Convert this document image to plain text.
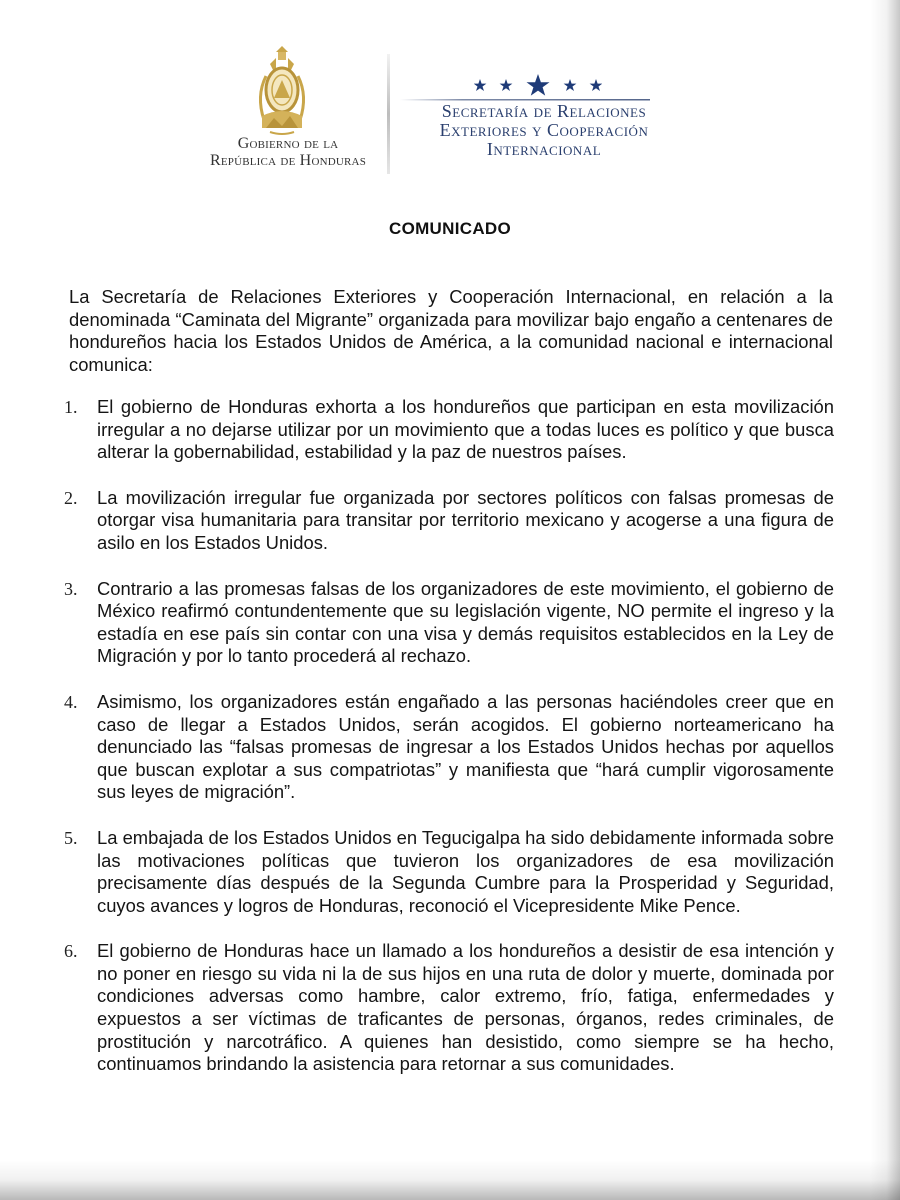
Gobierno de la
República de Honduras
Secretaría de Relaciones
Exteriores y Cooperación
Internacional
COMUNICADO
La Secretaría de Relaciones Exteriores y Cooperación Internacional, en relación a la denominada “Caminata del Migrante” organizada para movilizar bajo engaño a centenares de hondureños hacia los Estados Unidos de América, a la comunidad nacional e internacional comunica:
1. El gobierno de Honduras exhorta a los hondureños que participan en esta movilización irregular a no dejarse utilizar por un movimiento que a todas luces es político y que busca alterar la gobernabilidad, estabilidad y la paz de nuestros países.
2. La movilización irregular fue organizada por sectores políticos con falsas promesas de otorgar visa humanitaria para transitar por territorio mexicano y acogerse a una figura de asilo en los Estados Unidos.
3. Contrario a las promesas falsas de los organizadores de este movimiento, el gobierno de México reafirmó contundentemente que su legislación vigente, NO permite el ingreso y la estadía en ese país sin contar con una visa y demás requisitos establecidos en la Ley de Migración y por lo tanto procederá al rechazo.
4. Asimismo, los organizadores están engañado a las personas haciéndoles creer que en caso de llegar a Estados Unidos, serán acogidos. El gobierno norteamericano ha denunciado las “falsas promesas de ingresar a los Estados Unidos hechas por aquellos que buscan explotar a sus compatriotas” y manifiesta que “hará cumplir vigorosamente sus leyes de migración”.
5. La embajada de los Estados Unidos en Tegucigalpa ha sido debidamente informada sobre las motivaciones políticas que tuvieron los organizadores de esa movilización precisamente días después de la Segunda Cumbre para la Prosperidad y Seguridad, cuyos avances y logros de Honduras, reconoció el Vicepresidente Mike Pence.
6. El gobierno de Honduras hace un llamado a los hondureños a desistir de esa intención y no poner en riesgo su vida ni la de sus hijos en una ruta de dolor y muerte, dominada por condiciones adversas como hambre, calor extremo, frío, fatiga, enfermedades y expuestos a ser víctimas de traficantes de personas, órganos, redes criminales, de prostitución y narcotráfico. A quienes han desistido, como siempre se ha hecho, continuamos brindando la asistencia para retornar a sus comunidades.
